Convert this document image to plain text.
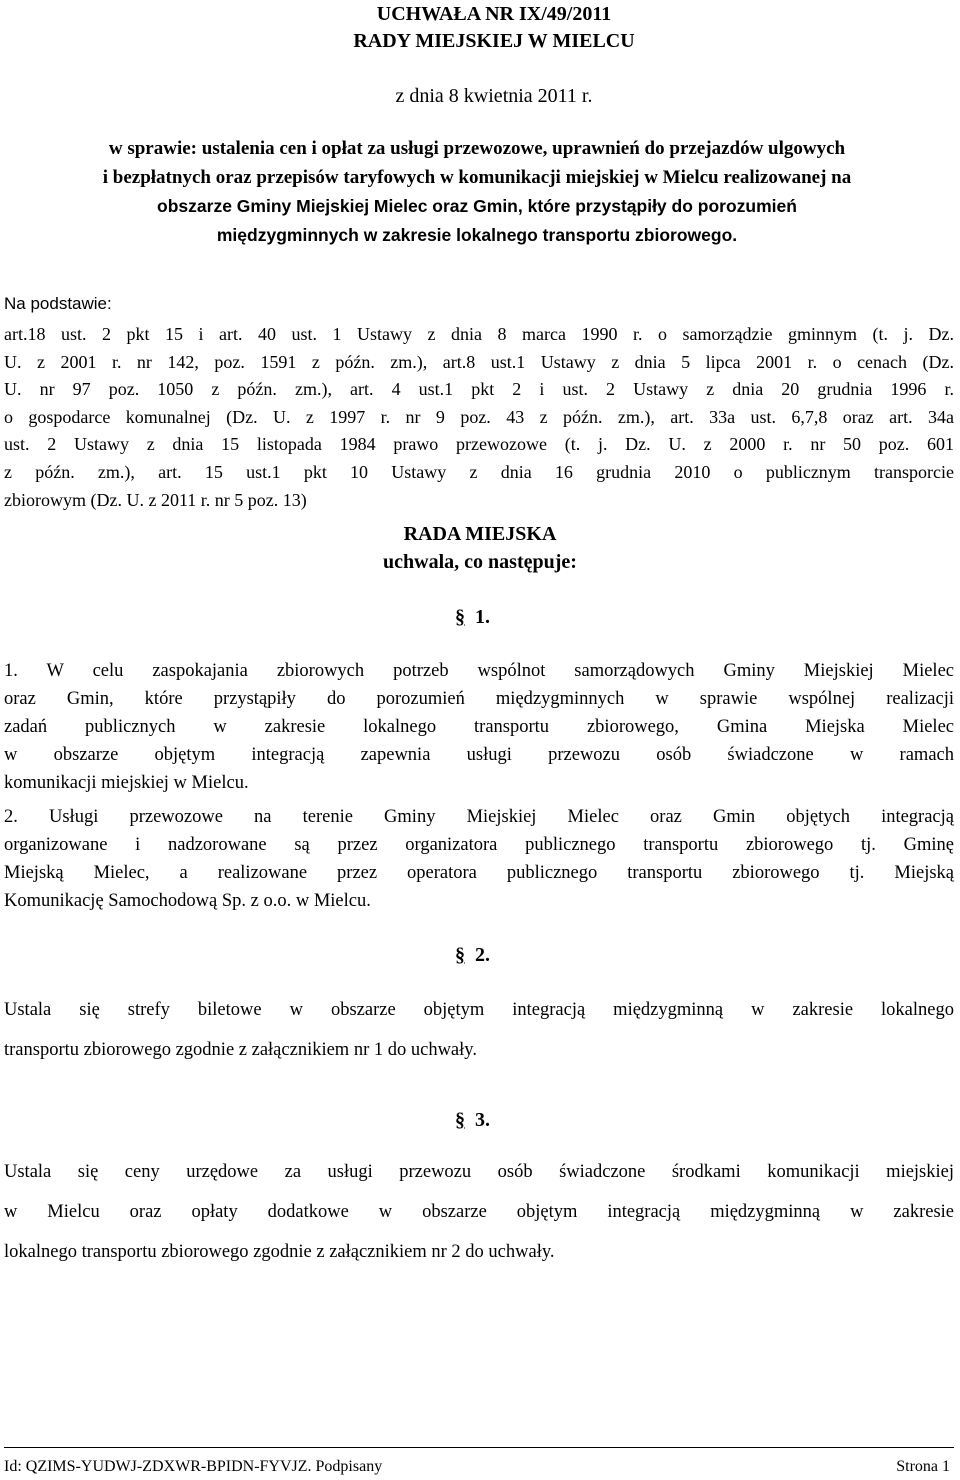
UCHWAŁA NR IX/49/2011
RADY MIEJSKIEJ W MIELCU
z dnia 8 kwietnia 2011 r.
w sprawie: ustalenia cen i opłat za usługi przewozowe, uprawnień do przejazdów ulgowych
i bezpłatnych oraz przepisów taryfowych w komunikacji miejskiej w Mielcu realizowanej na
obszarze Gminy Miejskiej Mielec oraz Gmin, które przystąpiły do porozumień
międzygminnych w zakresie lokalnego transportu zbiorowego.
Na podstawie:
art.18 ust. 2 pkt 15 i art. 40 ust. 1 Ustawy z dnia 8 marca 1990 r. o samorządzie gminnym (t. j. Dz.
U. z 2001 r. nr 142, poz. 1591 z późn. zm.), art.8 ust.1 Ustawy z dnia 5 lipca 2001 r. o cenach (Dz.
U. nr 97 poz. 1050 z późn. zm.), art. 4 ust.1 pkt 2 i ust. 2 Ustawy z dnia 20 grudnia 1996 r.
o gospodarce komunalnej (Dz. U. z 1997 r. nr 9 poz. 43 z późn. zm.), art. 33a ust. 6,7,8 oraz art. 34a
ust. 2 Ustawy z dnia 15 listopada 1984 prawo przewozowe (t. j. Dz. U. z 2000 r. nr 50 poz. 601
z późn. zm.), art. 15 ust.1 pkt 10 Ustawy z dnia 16 grudnia 2010 o publicznym transporcie
zbiorowym (Dz. U. z 2011 r. nr 5 poz. 13)
RADA MIEJSKA
uchwala, co następuje:
§ 1.
1. W celu zaspokajania zbiorowych potrzeb wspólnot samorządowych Gminy Miejskiej Mielec
oraz Gmin, które przystąpiły do porozumień międzygminnych w sprawie wspólnej realizacji
zadań publicznych w zakresie lokalnego transportu zbiorowego, Gmina Miejska Mielec
w obszarze objętym integracją zapewnia usługi przewozu osób świadczone w ramach
komunikacji miejskiej w Mielcu.
2. Usługi przewozowe na terenie Gminy Miejskiej Mielec oraz Gmin objętych integracją
organizowane i nadzorowane są przez organizatora publicznego transportu zbiorowego tj. Gminę
Miejską Mielec, a realizowane przez operatora publicznego transportu zbiorowego tj. Miejską
Komunikację Samochodową Sp. z o.o. w Mielcu.
§ 2.
Ustala się strefy biletowe w obszarze objętym integracją międzygminną w zakresie lokalnego
transportu zbiorowego zgodnie z załącznikiem nr 1 do uchwały.
§ 3.
Ustala się ceny urzędowe za usługi przewozu osób świadczone środkami komunikacji miejskiej
w Mielcu oraz opłaty dodatkowe w obszarze objętym integracją międzygminną w zakresie
lokalnego transportu zbiorowego zgodnie z załącznikiem nr 2 do uchwały.
Id: QZIMS-YUDWJ-ZDXWR-BPIDN-FYVJZ. Podpisany	Strona 1
